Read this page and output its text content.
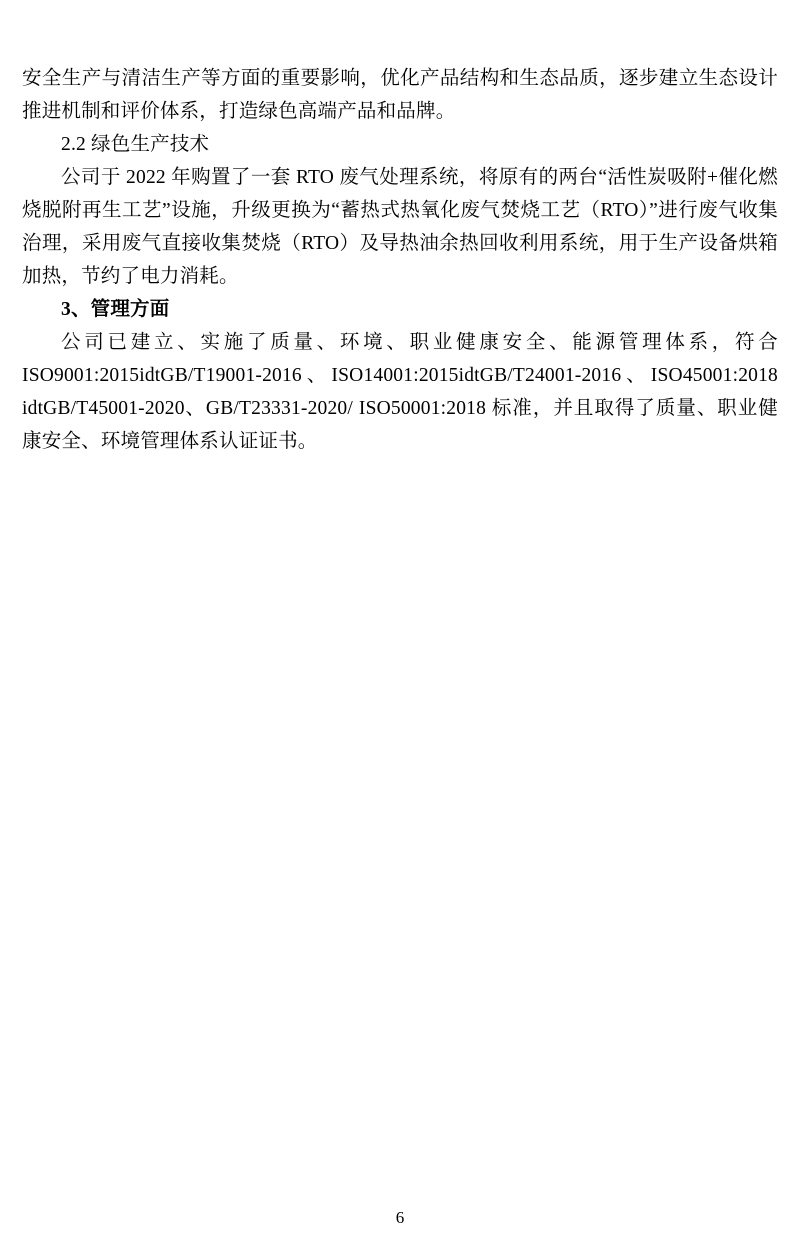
安全生产与清洁生产等方面的重要影响，优化产品结构和生态品质，逐步建立生态设计推进机制和评价体系，打造绿色高端产品和品牌。

2.2 绿色生产技术

公司于 2022 年购置了一套 RTO 废气处理系统，将原有的两台“活性炭吸附+催化燃烧脱附再生工艺”设施，升级更换为“蓄热式热氧化废气焚烧工艺（RTO）”进行废气收集治理，采用废气直接收集焚烧（RTO）及导热油余热回收利用系统，用于生产设备烘箱加热，节约了电力消耗。

3、管理方面

公司已建立、实施了质量、环境、职业健康安全、能源管理体系，符合 ISO9001:2015idtGB/T19001-2016、ISO14001:2015idtGB/T24001-2016、ISO45001:2018 idtGB/T45001-2020、GB/T23331-2020/ ISO50001:2018 标准，并且取得了质量、职业健康安全、环境管理体系认证证书。

6
